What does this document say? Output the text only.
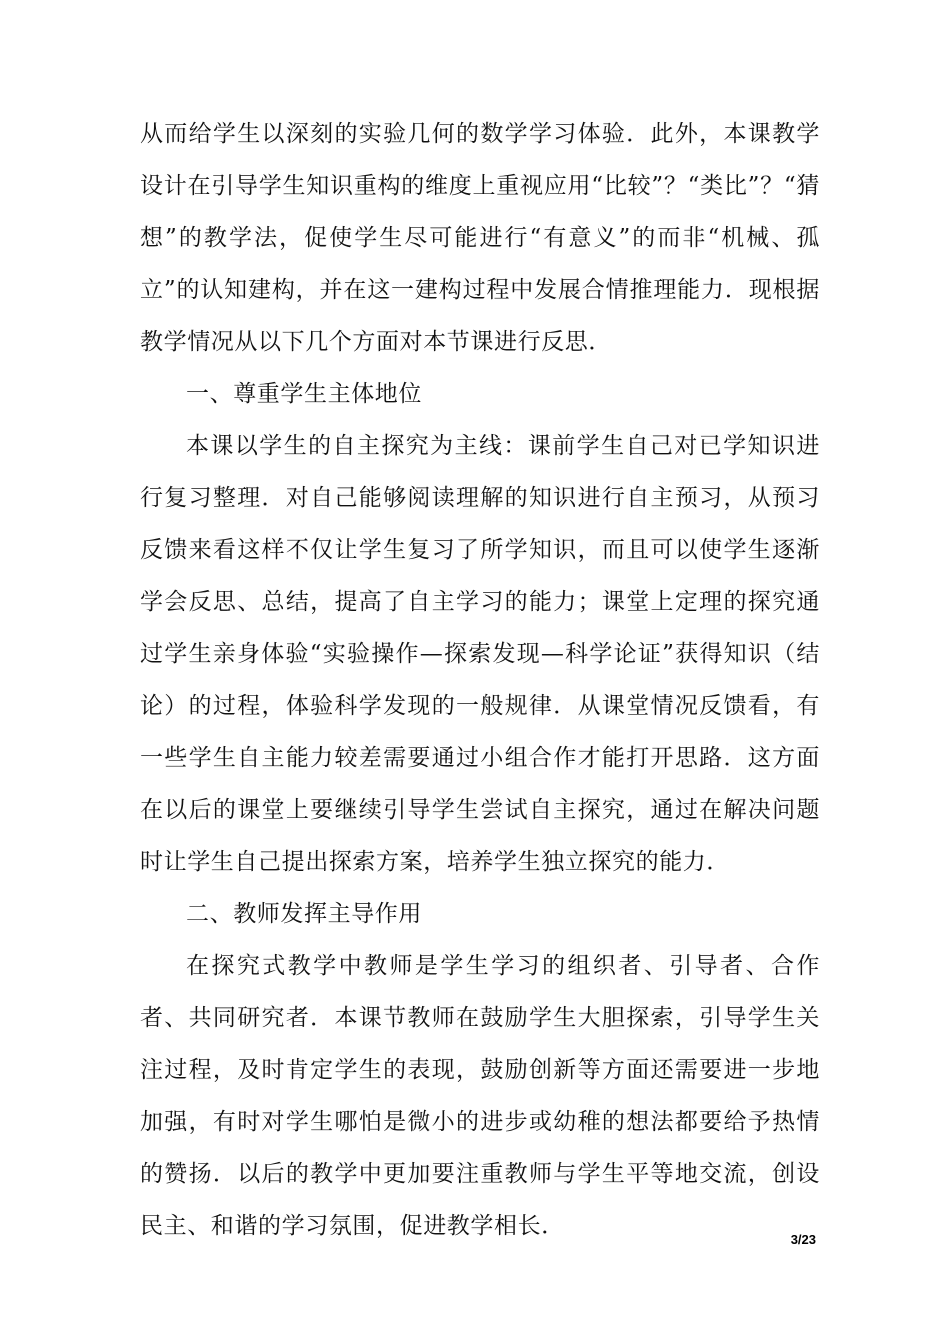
从而给学生以深刻的实验几何的数学学习体验．此外，本课教学设计在引导学生知识重构的维度上重视应用“比较”？“类比”？“猜想”的教学法，促使学生尽可能进行“有意义”的而非“机械、孤立”的认知建构，并在这一建构过程中发展合情推理能力．现根据教学情况从以下几个方面对本节课进行反思．

一、尊重学生主体地位

本课以学生的自主探究为主线：课前学生自己对已学知识进行复习整理．对自己能够阅读理解的知识进行自主预习，从预习反馈来看这样不仅让学生复习了所学知识，而且可以使学生逐渐学会反思、总结，提高了自主学习的能力；课堂上定理的探究通过学生亲身体验“实验操作—探索发现—科学论证”获得知识（结论）的过程，体验科学发现的一般规律．从课堂情况反馈看，有一些学生自主能力较差需要通过小组合作才能打开思路．这方面在以后的课堂上要继续引导学生尝试自主探究，通过在解决问题时让学生自己提出探索方案，培养学生独立探究的能力．

二、教师发挥主导作用

在探究式教学中教师是学生学习的组织者、引导者、合作者、共同研究者．本课节教师在鼓励学生大胆探索，引导学生关注过程，及时肯定学生的表现，鼓励创新等方面还需要进一步地加强，有时对学生哪怕是微小的进步或幼稚的想法都要给予热情的赞扬．以后的教学中更加要注重教师与学生平等地交流，创设民主、和谐的学习氛围，促进教学相长．

3/23
